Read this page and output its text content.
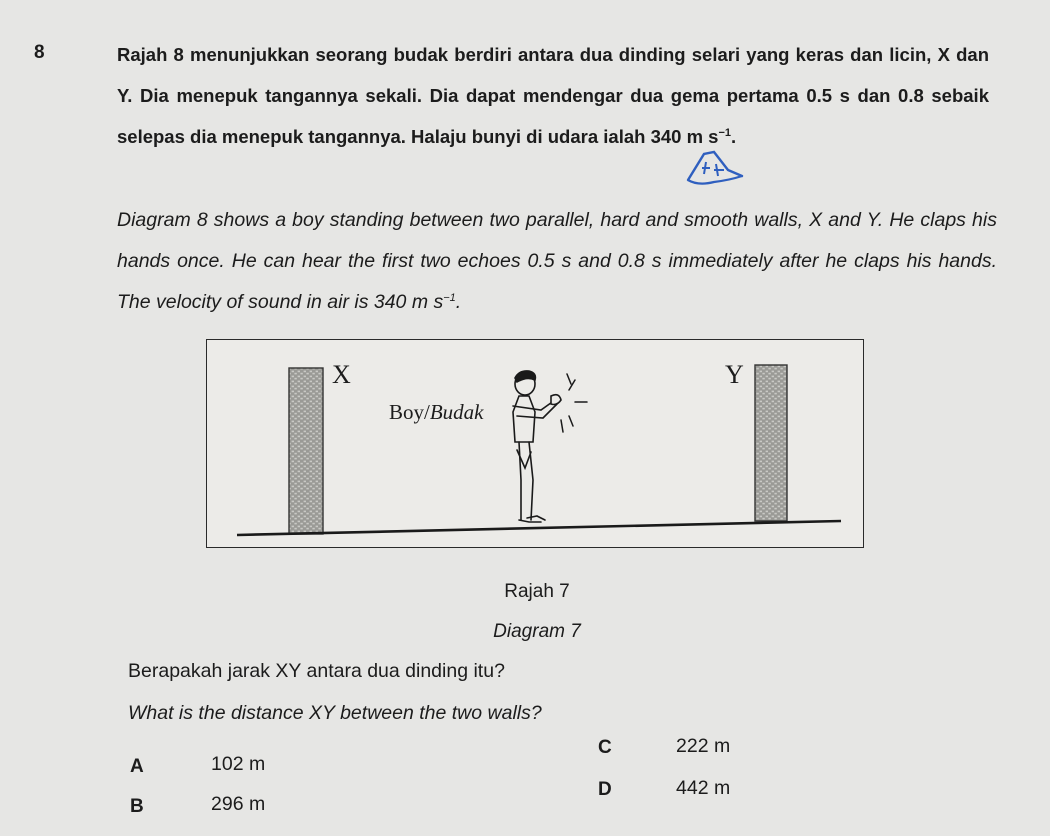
8	Rajah 8 menunjukkan seorang budak berdiri antara dua dinding selari yang keras dan licin, X dan Y. Dia menepuk tangannya sekali. Dia dapat mendengar dua gema pertama 0.5 s dan 0.8 sebaik selepas dia menepuk tangannya. Halaju bunyi di udara ialah 340 m $s^{-1}$.
Diagram 8 shows a boy standing between two parallel, hard and smooth walls, X and Y. He claps his hands once. He can hear the first two echoes 0.5 s and 0.8 s immediately after he claps his hands. The velocity of sound in air is 340 m $s^{-1}$.
X	Y
Boy/Budak
Rajah 7
Diagram 7
Berapakah jarak XY antara dua dinding itu?
What is the distance XY between the two walls?
A	102 m
B	296 m
C	222 m
D	442 m
